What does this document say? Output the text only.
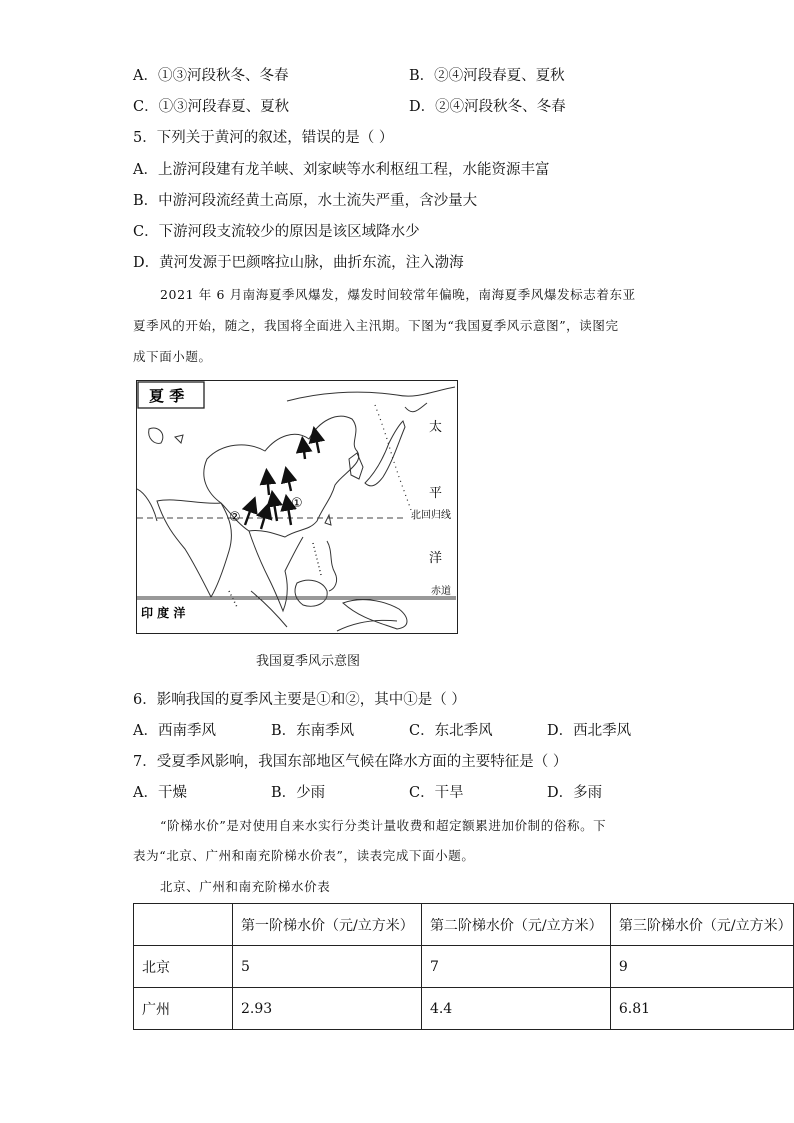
A．①③河段秋冬、冬春	B．②④河段春夏、夏秋
C．①③河段春夏、夏秋	D．②④河段秋冬、冬春
5．下列关于黄河的叙述，错误的是（ ）
A．上游河段建有龙羊峡、刘家峡等水利枢纽工程，水能资源丰富
B．中游河段流经黄土高原，水土流失严重，含沙量大
C．下游河段支流较少的原因是该区域降水少
D．黄河发源于巴颜喀拉山脉，曲折东流，注入渤海
2021 年 6 月南海夏季风爆发，爆发时间较常年偏晚，南海夏季风爆发标志着东亚
夏季风的开始，随之，我国将全面进入主汛期。下图为“我国夏季风示意图”，读图完
成下面小题。
夏 季
北回归线
赤道
太
平
洋
印 度 洋
①
②
我国夏季风示意图
6．影响我国的夏季风主要是①和②，其中①是（ ）
A．西南季风	B．东南季风	C．东北季风	D．西北季风
7．受夏季风影响，我国东部地区气候在降水方面的主要特征是（ ）
A．干燥	B．少雨	C．干旱	D．多雨
“阶梯水价”是对使用自来水实行分类计量收费和超定额累进加价制的俗称。下
表为“北京、广州和南充阶梯水价表”，读表完成下面小题。
北京、广州和南充阶梯水价表
	第一阶梯水价（元/立方米）	第二阶梯水价（元/立方米）	第三阶梯水价（元/立方米）
北京	5	7	9
广州	2.93	4.4	6.81
